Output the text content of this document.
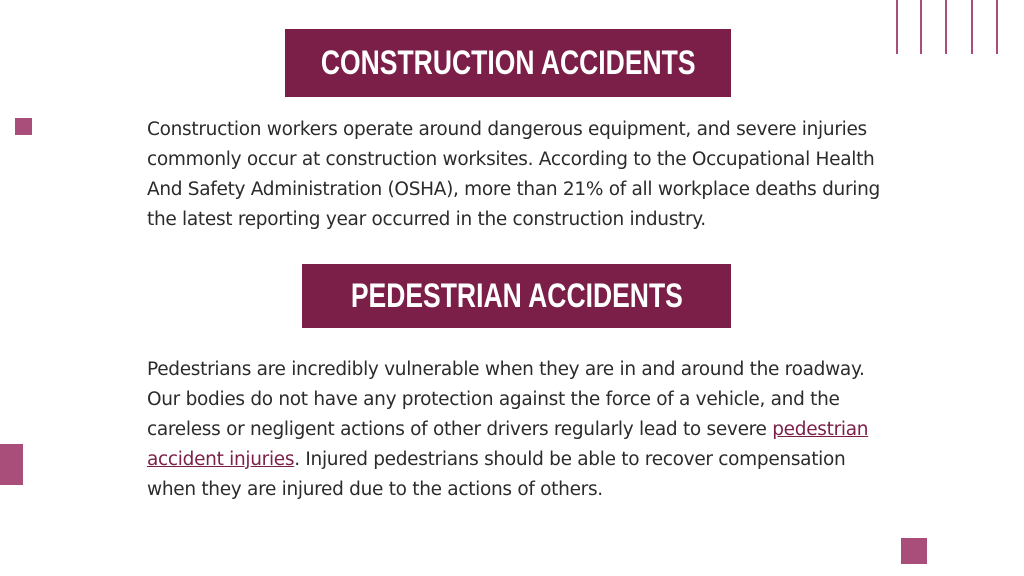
CONSTRUCTION ACCIDENTS

Construction workers operate around dangerous equipment, and severe injuries commonly occur at construction worksites. According to the Occupational Health And Safety Administration (OSHA), more than 21% of all workplace deaths during the latest reporting year occurred in the construction industry.

PEDESTRIAN ACCIDENTS

Pedestrians are incredibly vulnerable when they are in and around the roadway. Our bodies do not have any protection against the force of a vehicle, and the careless or negligent actions of other drivers regularly lead to severe pedestrian accident injuries. Injured pedestrians should be able to recover compensation when they are injured due to the actions of others.
